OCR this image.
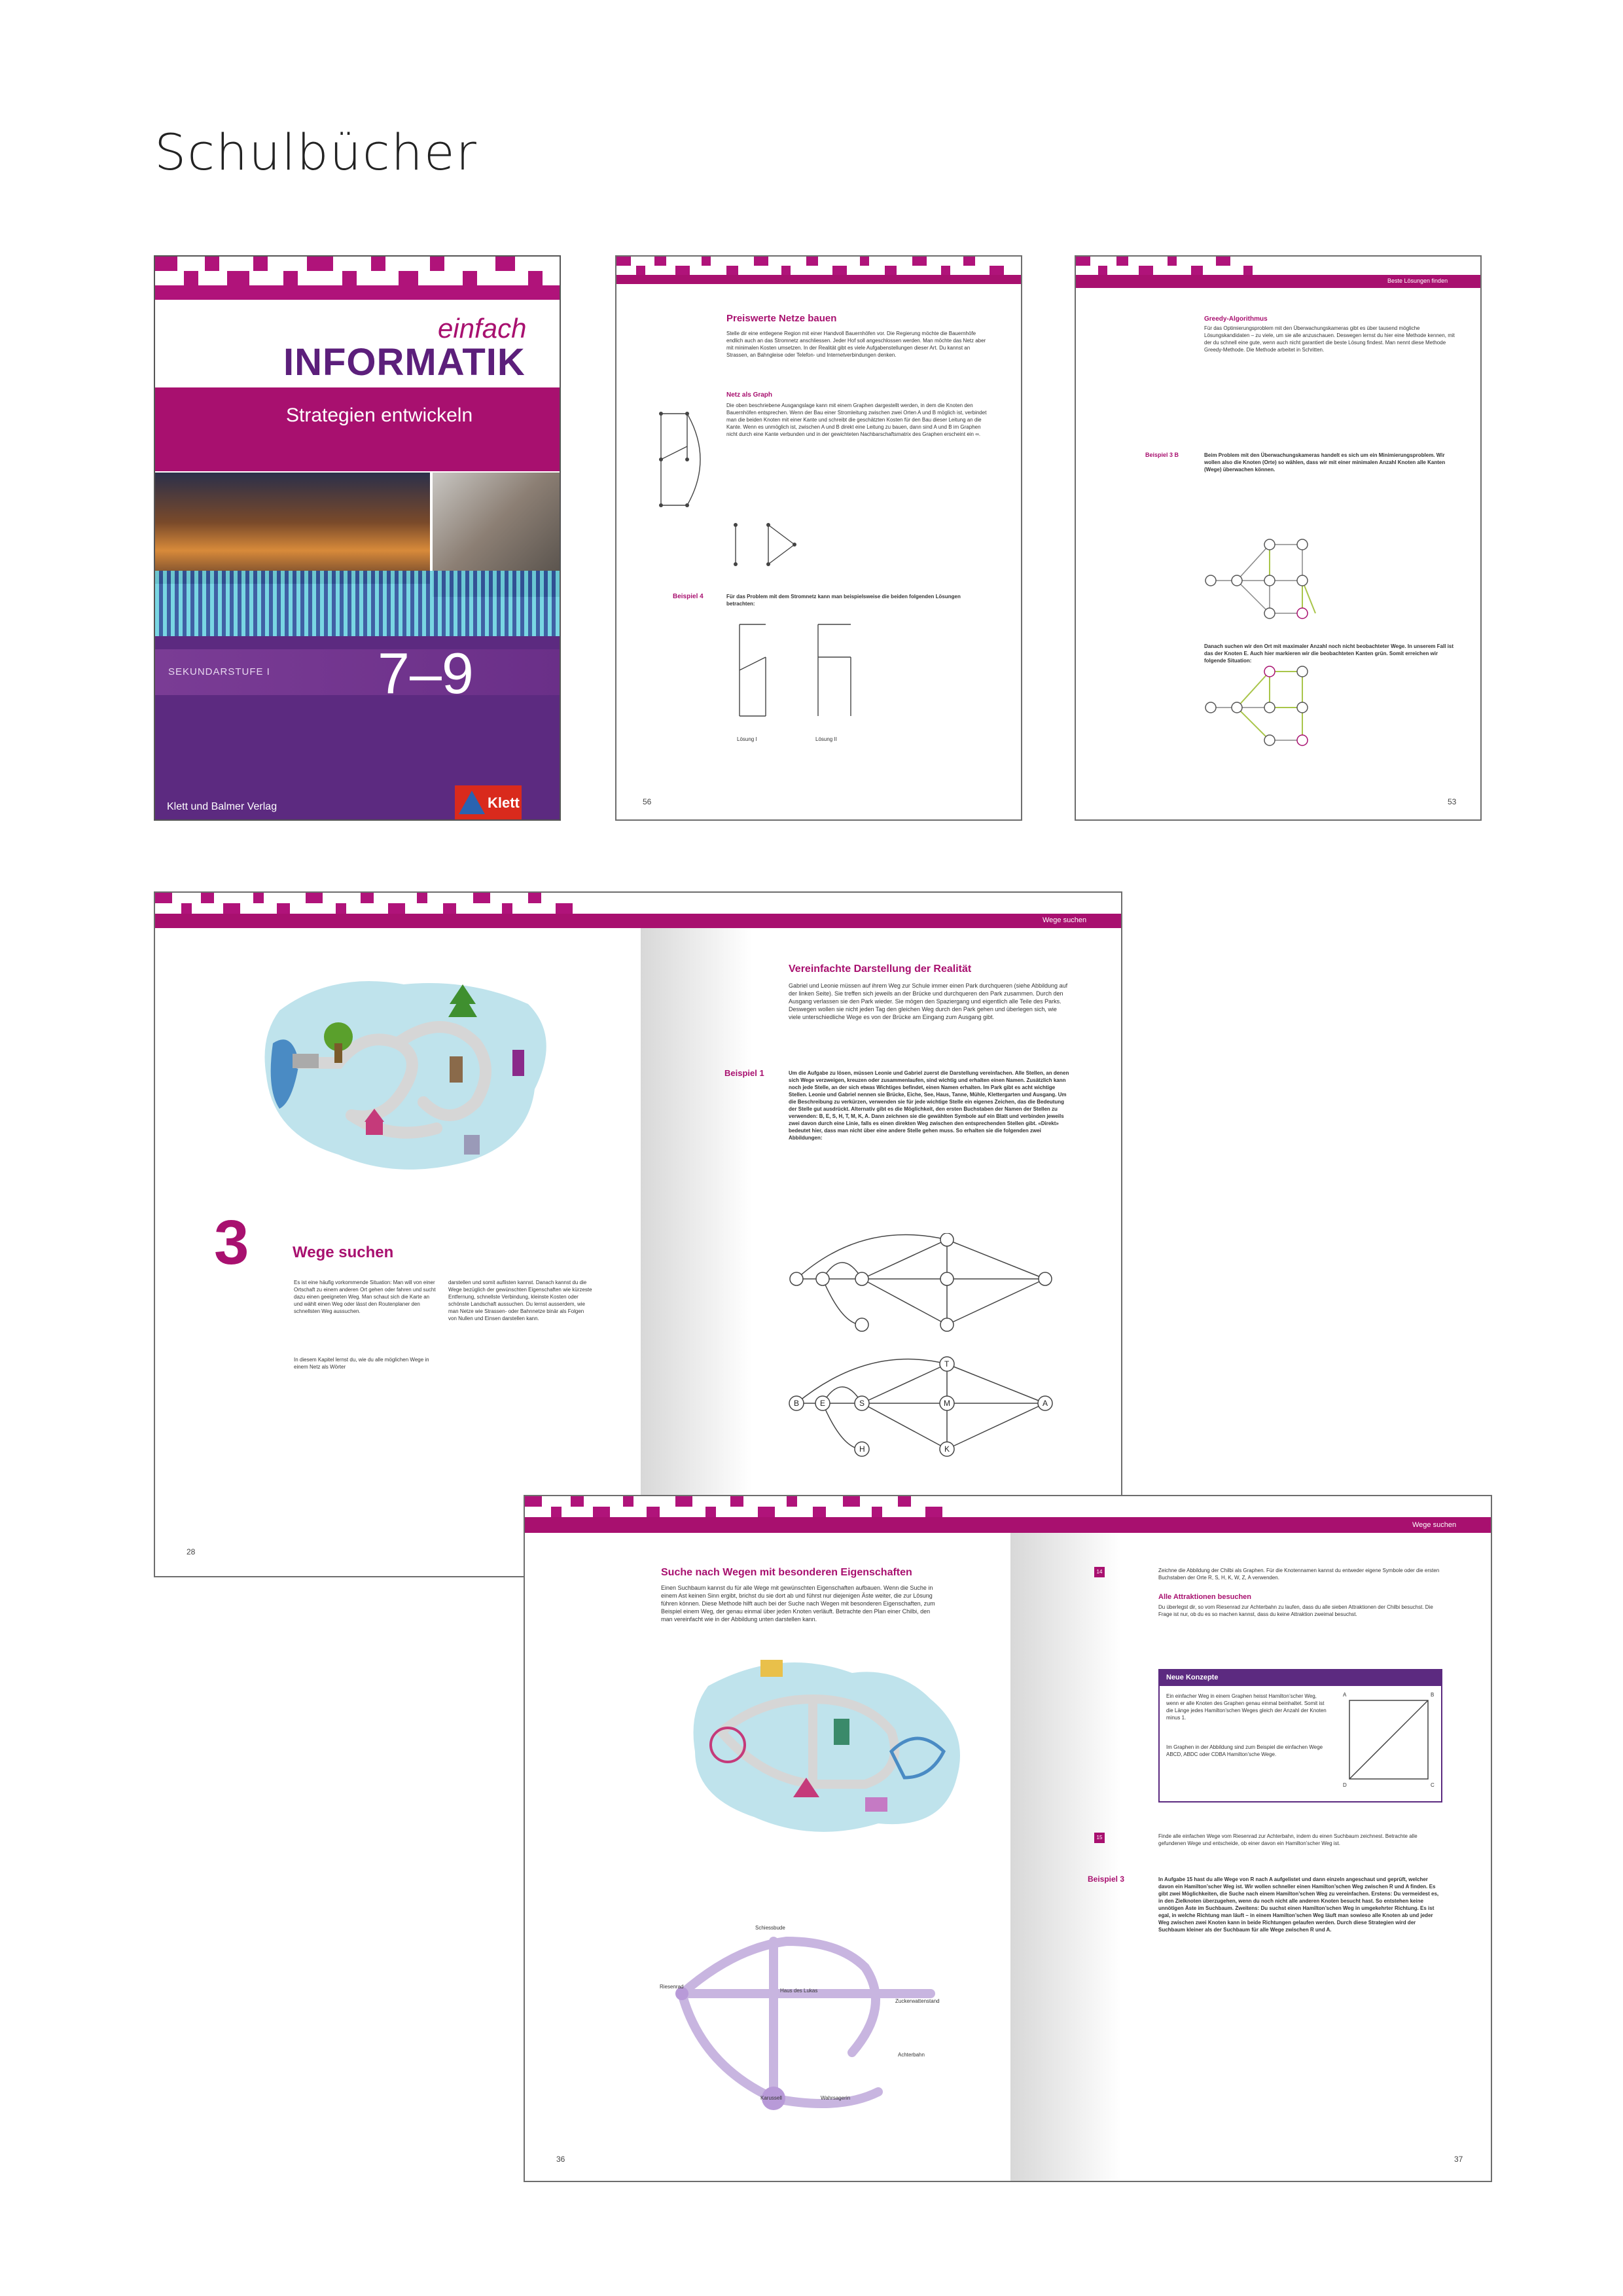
Schulbücher
einfach
INFORMATIK
Strategien entwickeln
SEKUNDARSTUFE I 7–9
Klett und Balmer Verlag	Klett
Preiswerte Netze bauen
Stelle dir eine entlegene Region mit einer Handvoll Bauernhöfen vor. Die Regierung möchte die Bauernhöfe endlich auch an das Stromnetz anschliessen. Jeder Hof soll angeschlossen werden. Man möchte das Netz aber mit minimalen Kosten umsetzen. In der Realität gibt es viele Aufgabenstellungen dieser Art. Du kannst an Strassen, an Bahngleise oder Telefon- und Internetverbindungen denken.
Netz als Graph
Die oben beschriebene Ausgangslage kann mit einem Graphen dargestellt werden, in dem die Knoten den Bauernhöfen entsprechen. Wenn der Bau einer Stromleitung zwischen zwei Orten A und B möglich ist, verbindet man die beiden Knoten mit einer Kante und schreibt die geschätzten Kosten für den Bau dieser Leitung an die Kante. Wenn es unmöglich ist, zwischen A und B direkt eine Leitung zu bauen, dann sind A und B im Graphen nicht durch eine Kante verbunden und in der gewichteten Nachbarschaftsmatrix des Graphen erscheint ein ∞.
Beispiel 4	Für das Problem mit dem Stromnetz kann man beispielsweise die beiden folgenden Lösungen betrachten:
Lösung I	Lösung II
56
Beste Lösungen finden
Greedy-Algorithmus
Für das Optimierungsproblem mit den Überwachungskameras gibt es über tausend mögliche Lösungskandidaten – zu viele, um sie alle anzuschauen. Deswegen lernst du hier eine Methode kennen, mit der du schnell eine gute, wenn auch nicht garantiert die beste Lösung findest. Man nennt diese Methode Greedy-Methode. Die Methode arbeitet in Schritten.
Beispiel 3 B	Beim Problem mit den Überwachungskameras handelt es sich um ein Minimierungsproblem. Wir wollen also die Knoten (Orte) so wählen, dass wir mit einer minimalen Anzahl Knoten alle Kanten (Wege) überwachen können.
Danach suchen wir den Ort mit maximaler Anzahl noch nicht beobachteter Wege. In unserem Fall ist das der Knoten E. Auch hier markieren wir die beobachteten Kanten grün. Somit erreichen wir folgende Situation:
53
Wege suchen
3	Wege suchen
Es ist eine häufig vorkommende Situation: Man will von einer Ortschaft zu einem anderen Ort gehen oder fahren und sucht dazu einen geeigneten Weg. Man schaut sich die Karte an und wählt einen Weg oder lässt den Routenplaner den schnellsten Weg aussuchen.
In diesem Kapitel lernst du, wie du alle möglichen Wege in einem Netz als Wörter
darstellen und somit auflisten kannst. Danach kannst du die Wege bezüglich der gewünschten Eigenschaften wie kürzeste Entfernung, schnellste Verbindung, kleinste Kosten oder schönste Landschaft aussuchen. Du lernst ausserdem, wie man Netze wie Strassen- oder Bahnnetze binär als Folgen von Nullen und Einsen darstellen kann.
28
Vereinfachte Darstellung der Realität
Gabriel und Leonie müssen auf ihrem Weg zur Schule immer einen Park durchqueren (siehe Abbildung auf der linken Seite). Sie treffen sich jeweils an der Brücke und durchqueren den Park zusammen. Durch den Ausgang verlassen sie den Park wieder. Sie mögen den Spaziergang und eigentlich alle Teile des Parks. Deswegen wollen sie nicht jeden Tag den gleichen Weg durch den Park gehen und überlegen sich, wie viele unterschiedliche Wege es von der Brücke am Eingang zum Ausgang gibt.
Beispiel 1	Um die Aufgabe zu lösen, müssen Leonie und Gabriel zuerst die Darstellung vereinfachen. Alle Stellen, an denen sich Wege verzweigen, kreuzen oder zusammenlaufen, sind wichtig und erhalten einen Namen. Zusätzlich kann noch jede Stelle, an der sich etwas Wichtiges befindet, einen Namen erhalten. Im Park gibt es acht wichtige Stellen. Leonie und Gabriel nennen sie Brücke, Eiche, See, Haus, Tanne, Mühle, Klettergarten und Ausgang. Um die Beschreibung zu verkürzen, verwenden sie für jede wichtige Stelle ein eigenes Zeichen, das die Bedeutung der Stelle gut ausdrückt. Alternativ gibt es die Möglichkeit, den ersten Buchstaben der Namen der Stellen zu verwenden: B, E, S, H, T, M, K, A. Dann zeichnen sie die gewählten Symbole auf ein Blatt und verbinden jeweils zwei davon durch eine Linie, falls es einen direkten Weg zwischen den entsprechenden Stellen gibt. «Direkt» bedeutet hier, dass man nicht über eine andere Stelle gehen muss. So erhalten sie die folgenden zwei Abbildungen:
B	E	S
T
M	A
H	K
Wege suchen
Suche nach Wegen mit besonderen Eigenschaften
Einen Suchbaum kannst du für alle Wege mit gewünschten Eigenschaften aufbauen. Wenn die Suche in einem Ast keinen Sinn ergibt, brichst du sie dort ab und führst nur diejenigen Äste weiter, die zur Lösung führen können. Diese Methode hilft auch bei der Suche nach Wegen mit besonderen Eigenschaften, zum Beispiel einem Weg, der genau einmal über jeden Knoten verläuft. Betrachte den Plan einer Chilbi, den man vereinfacht wie in der Abbildung unten darstellen kann.
Schiessbude
Riesenrad
Haus des Lukas
Zuckerwattenstand
Achterbahn
Karussell	Wahrsagerin
36
14	Zeichne die Abbildung der Chilbi als Graphen. Für die Knotennamen kannst du entweder eigene Symbole oder die ersten Buchstaben der Orte R, S, H, K, W, Z, A verwenden.
Alle Attraktionen besuchen
Du überlegst dir, so vom Riesenrad zur Achterbahn zu laufen, dass du alle sieben Attraktionen der Chilbi besuchst. Die Frage ist nur, ob du es so machen kannst, dass du keine Attraktion zweimal besuchst.
Neue Konzepte
Ein einfacher Weg in einem Graphen heisst Hamilton’scher Weg, wenn er alle Knoten des Graphen genau einmal beinhaltet. Somit ist die Länge jedes Hamilton’schen Weges gleich der Anzahl der Knoten minus 1.
Im Graphen in der Abbildung sind zum Beispiel die einfachen Wege ABCD, ABDC oder CDBA Hamilton’sche Wege.
A	B
C
D
15	Finde alle einfachen Wege vom Riesenrad zur Achterbahn, indem du einen Suchbaum zeichnest. Betrachte alle gefundenen Wege und entscheide, ob einer davon ein Hamilton’scher Weg ist.
Beispiel 3	In Aufgabe 15 hast du alle Wege von R nach A aufgelistet und dann einzeln angeschaut und geprüft, welcher davon ein Hamilton’scher Weg ist. Wir wollen schneller einen Hamilton’schen Weg zwischen R und A finden. Es gibt zwei Möglichkeiten, die Suche nach einem Hamilton’schen Weg zu vereinfachen. Erstens: Du vermeidest es, in den Zielknoten überzugehen, wenn du noch nicht alle anderen Knoten besucht hast. So entstehen keine unnötigen Äste im Suchbaum. Zweitens: Du suchst einen Hamilton’schen Weg in umgekehrter Richtung. Es ist egal, in welche Richtung man läuft – in einem Hamilton’schen Weg läuft man sowieso alle Knoten ab und jeder Weg zwischen zwei Knoten kann in beide Richtungen gelaufen werden. Durch diese Strategien wird der Suchbaum kleiner als der Suchbaum für alle Wege zwischen R und A.
37
